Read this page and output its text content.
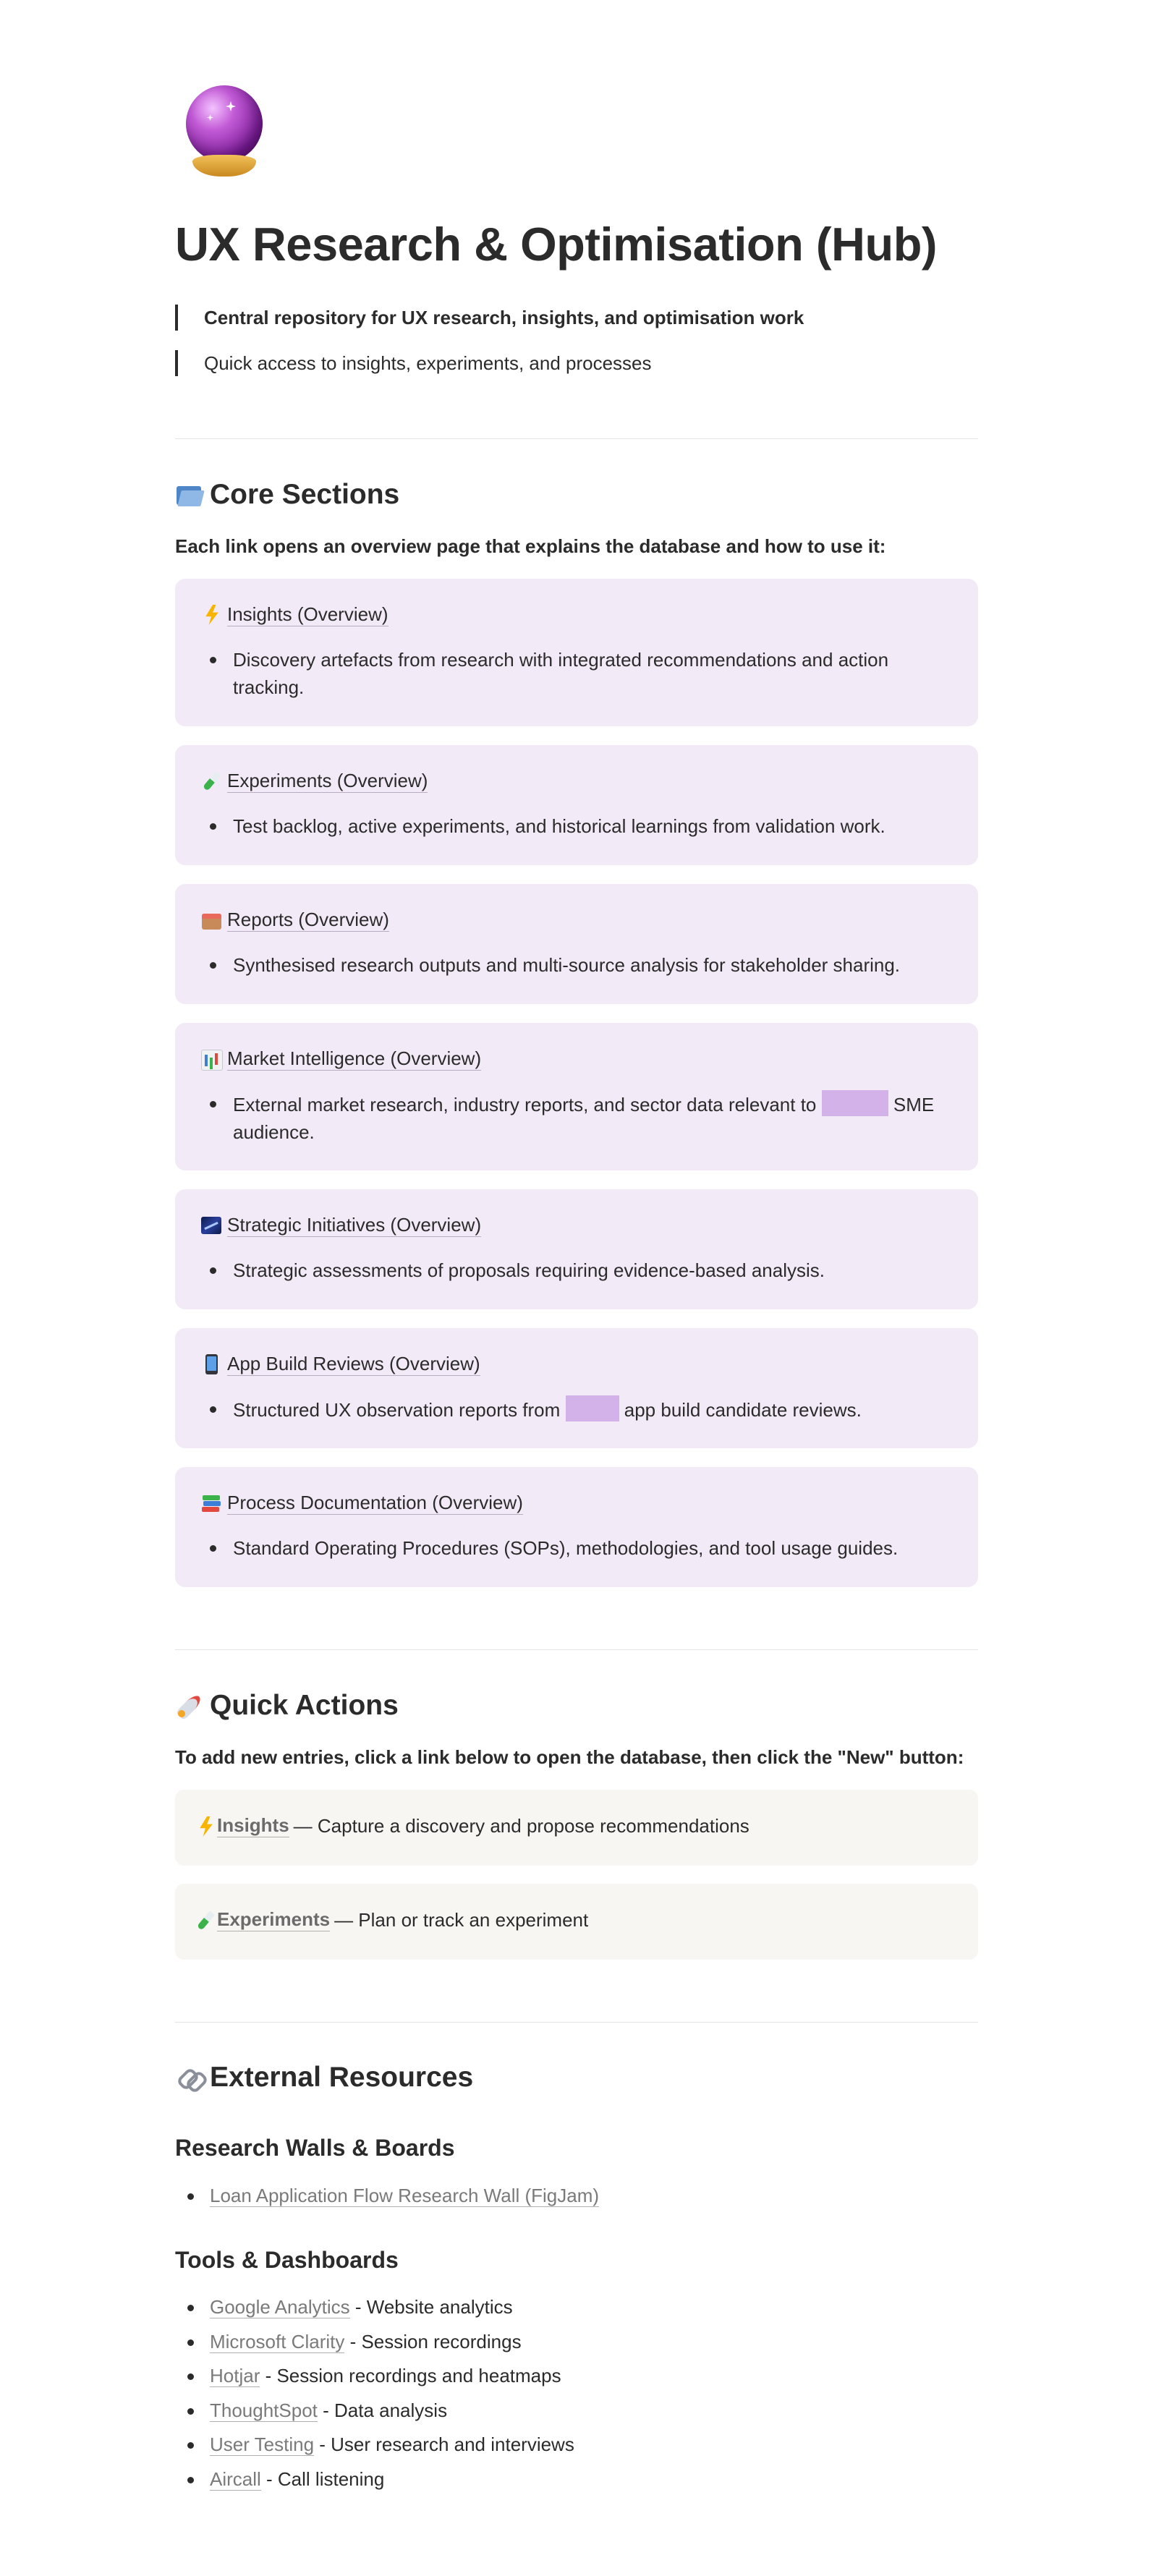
UX Research & Optimisation (Hub)
Central repository for UX research, insights, and optimisation work
Quick access to insights, experiments, and processes
Core Sections
Each link opens an overview page that explains the database and how to use it:
Insights (Overview)
Discovery artefacts from research with integrated recommendations and action tracking.
Experiments (Overview)
Test backlog, active experiments, and historical learnings from validation work.
Reports (Overview)
Synthesised research outputs and multi-source analysis for stakeholder sharing.
Market Intelligence (Overview)
External market research, industry reports, and sector data relevant to	SME audience.
Strategic Initiatives (Overview)
Strategic assessments of proposals requiring evidence-based analysis.
App Build Reviews (Overview)
Structured UX observation reports from	app build candidate reviews.
Process Documentation (Overview)
Standard Operating Procedures (SOPs), methodologies, and tool usage guides.
Quick Actions
To add new entries, click a link below to open the database, then click the "New" button:
Insights — Capture a discovery and propose recommendations
Experiments — Plan or track an experiment
External Resources
Research Walls & Boards
Loan Application Flow Research Wall (FigJam)
Tools & Dashboards
Google Analytics - Website analytics
Microsoft Clarity - Session recordings
Hotjar - Session recordings and heatmaps
ThoughtSpot - Data analysis
User Testing - User research and interviews
Aircall - Call listening
